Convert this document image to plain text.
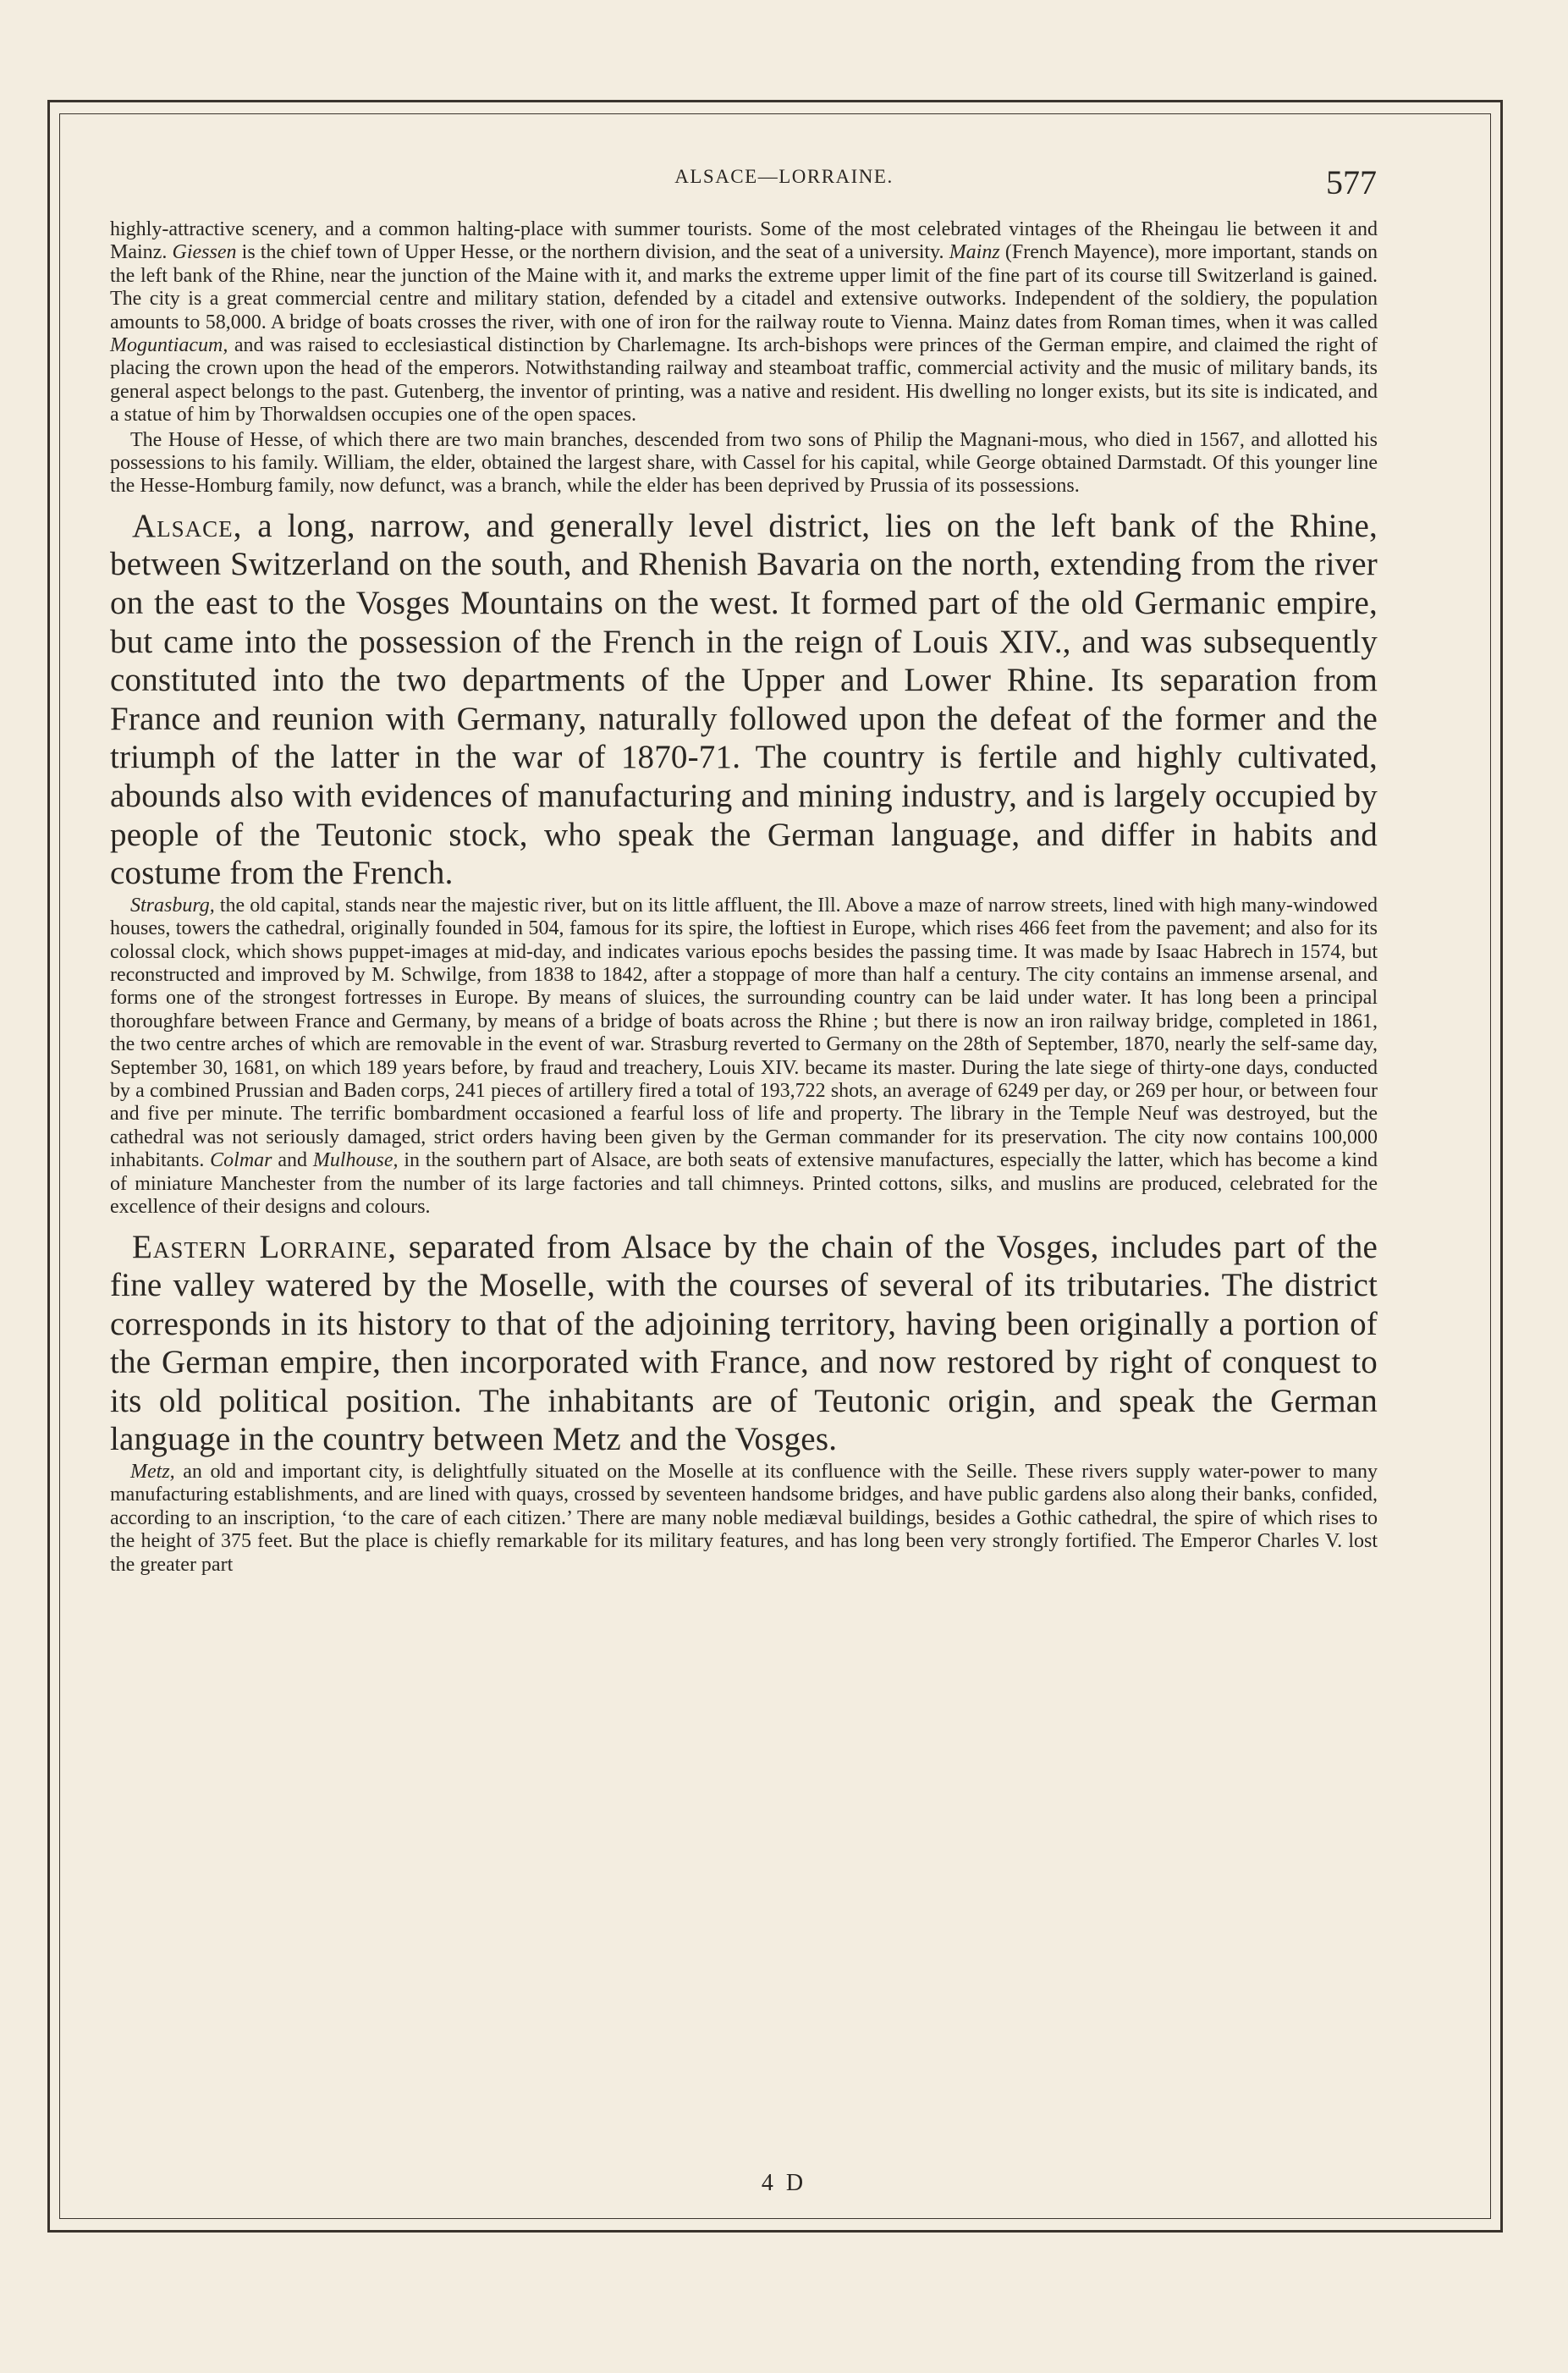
ALSACE—LORRAINE.	577

highly-attractive scenery, and a common halting-place with summer tourists. Some of the most celebrated vintages of the Rheingau lie between it and Mainz. Giessen is the chief town of Upper Hesse, or the northern division, and the seat of a university. Mainz (French Mayence), more important, stands on the left bank of the Rhine, near the junction of the Maine with it, and marks the extreme upper limit of the fine part of its course till Switzerland is gained. The city is a great commercial centre and military station, defended by a citadel and extensive outworks. Independent of the soldiery, the population amounts to 58,000. A bridge of boats crosses the river, with one of iron for the railway route to Vienna. Mainz dates from Roman times, when it was called Moguntiacum, and was raised to ecclesiastical distinction by Charlemagne. Its arch-bishops were princes of the German empire, and claimed the right of placing the crown upon the head of the emperors. Notwithstanding railway and steamboat traffic, commercial activity and the music of military bands, its general aspect belongs to the past. Gutenberg, the inventor of printing, was a native and resident. His dwelling no longer exists, but its site is indicated, and a statue of him by Thorwaldsen occupies one of the open spaces.

The House of Hesse, of which there are two main branches, descended from two sons of Philip the Magnani-mous, who died in 1567, and allotted his possessions to his family. William, the elder, obtained the largest share, with Cassel for his capital, while George obtained Darmstadt. Of this younger line the Hesse-Homburg family, now defunct, was a branch, while the elder has been deprived by Prussia of its possessions.

Alsace, a long, narrow, and generally level district, lies on the left bank of the Rhine, between Switzerland on the south, and Rhenish Bavaria on the north, extending from the river on the east to the Vosges Mountains on the west. It formed part of the old Germanic empire, but came into the possession of the French in the reign of Louis XIV., and was subsequently constituted into the two departments of the Upper and Lower Rhine. Its separation from France and reunion with Germany, naturally followed upon the defeat of the former and the triumph of the latter in the war of 1870-71. The country is fertile and highly cultivated, abounds also with evidences of manufacturing and mining industry, and is largely occupied by people of the Teutonic stock, who speak the German language, and differ in habits and costume from the French.

Strasburg, the old capital, stands near the majestic river, but on its little affluent, the Ill. Above a maze of narrow streets, lined with high many-windowed houses, towers the cathedral, originally founded in 504, famous for its spire, the loftiest in Europe, which rises 466 feet from the pavement; and also for its colossal clock, which shows puppet-images at mid-day, and indicates various epochs besides the passing time. It was made by Isaac Habrech in 1574, but reconstructed and improved by M. Schwilge, from 1838 to 1842, after a stoppage of more than half a century. The city contains an immense arsenal, and forms one of the strongest fortresses in Europe. By means of sluices, the surrounding country can be laid under water. It has long been a principal thoroughfare between France and Germany, by means of a bridge of boats across the Rhine ; but there is now an iron railway bridge, completed in 1861, the two centre arches of which are removable in the event of war. Strasburg reverted to Germany on the 28th of September, 1870, nearly the self-same day, September 30, 1681, on which 189 years before, by fraud and treachery, Louis XIV. became its master. During the late siege of thirty-one days, conducted by a combined Prussian and Baden corps, 241 pieces of artillery fired a total of 193,722 shots, an average of 6249 per day, or 269 per hour, or between four and five per minute. The terrific bombardment occasioned a fearful loss of life and property. The library in the Temple Neuf was destroyed, but the cathedral was not seriously damaged, strict orders having been given by the German commander for its preservation. The city now contains 100,000 inhabitants. Colmar and Mulhouse, in the southern part of Alsace, are both seats of extensive manufactures, especially the latter, which has become a kind of miniature Manchester from the number of its large factories and tall chimneys. Printed cottons, silks, and muslins are produced, celebrated for the excellence of their designs and colours.

Eastern Lorraine, separated from Alsace by the chain of the Vosges, includes part of the fine valley watered by the Moselle, with the courses of several of its tributaries. The district corresponds in its history to that of the adjoining territory, having been originally a portion of the German empire, then incorporated with France, and now restored by right of conquest to its old political position. The inhabitants are of Teutonic origin, and speak the German language in the country between Metz and the Vosges.

Metz, an old and important city, is delightfully situated on the Moselle at its confluence with the Seille. These rivers supply water-power to many manufacturing establishments, and are lined with quays, crossed by seventeen handsome bridges, and have public gardens also along their banks, confided, according to an inscription, ‘to the care of each citizen.’ There are many noble mediæval buildings, besides a Gothic cathedral, the spire of which rises to the height of 375 feet. But the place is chiefly remarkable for its military features, and has long been very strongly fortified. The Emperor Charles V. lost the greater part

4 D
